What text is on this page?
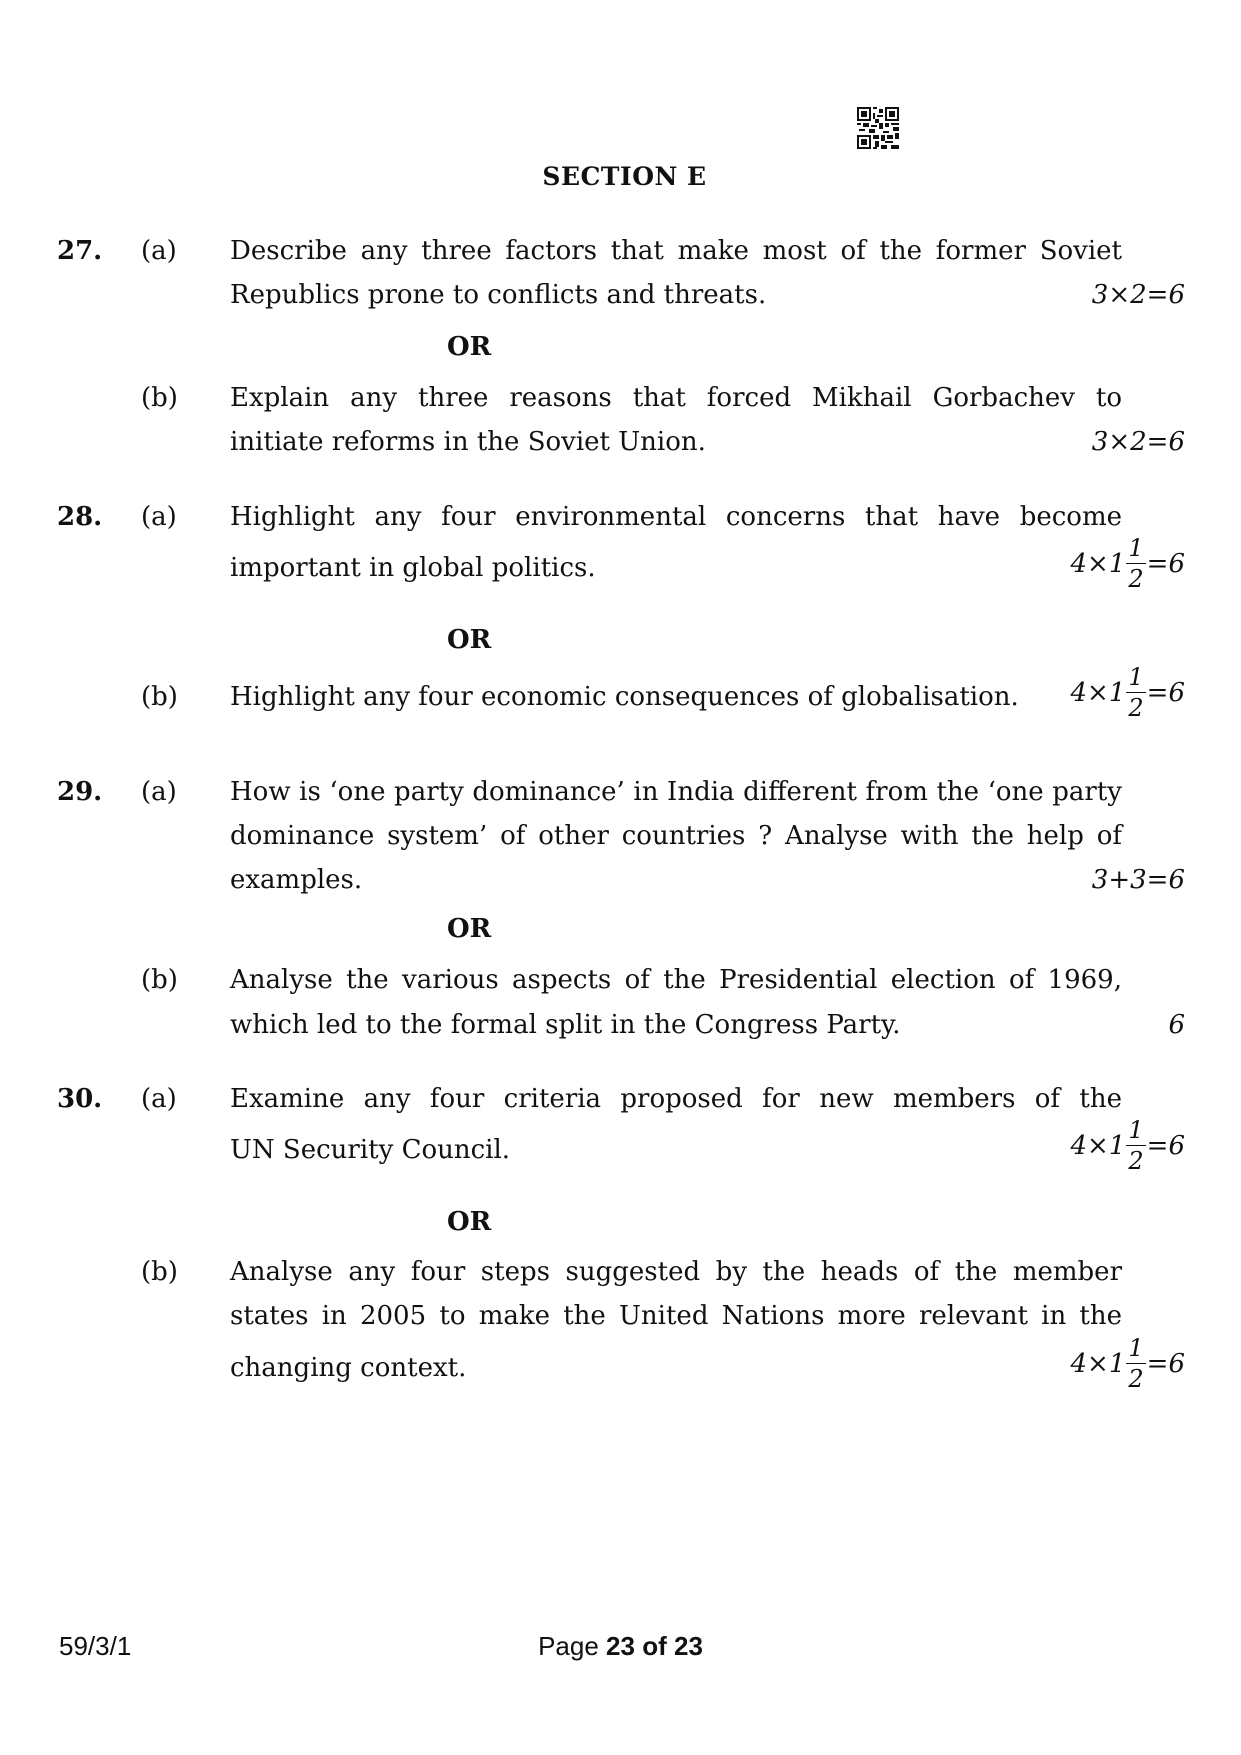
SECTION E
27. (a) Describe any three factors that make most of the former Soviet
Republics prone to conflicts and threats.	3×2=6
OR
(b) Explain any three reasons that forced Mikhail Gorbachev to
initiate reforms in the Soviet Union.	3×2=6
28. (a) Highlight any four environmental concerns that have become
important in global politics.	$4\times 1 \frac{1}{2} =6$
OR
(b) Highlight any four economic consequences of globalisation. $4\times 1 \frac{1}{2} =6$
29. (a) How is ‘one party dominance’ in India different from the ‘one party
dominance system’ of other countries ? Analyse with the help of
examples.	3+3=6
OR
(b) Analyse the various aspects of the Presidential election of 1969,
which led to the formal split in the Congress Party.	6
30. (a) Examine any four criteria proposed for new members of the
UN Security Council.	$4\times 1 \frac{1}{2} =6$
OR
(b) Analyse any four steps suggested by the heads of the member
states in 2005 to make the United Nations more relevant in the
changing context.	$4\times 1 \frac{1}{2} =6$
59/3/1	Page 23 of 23
